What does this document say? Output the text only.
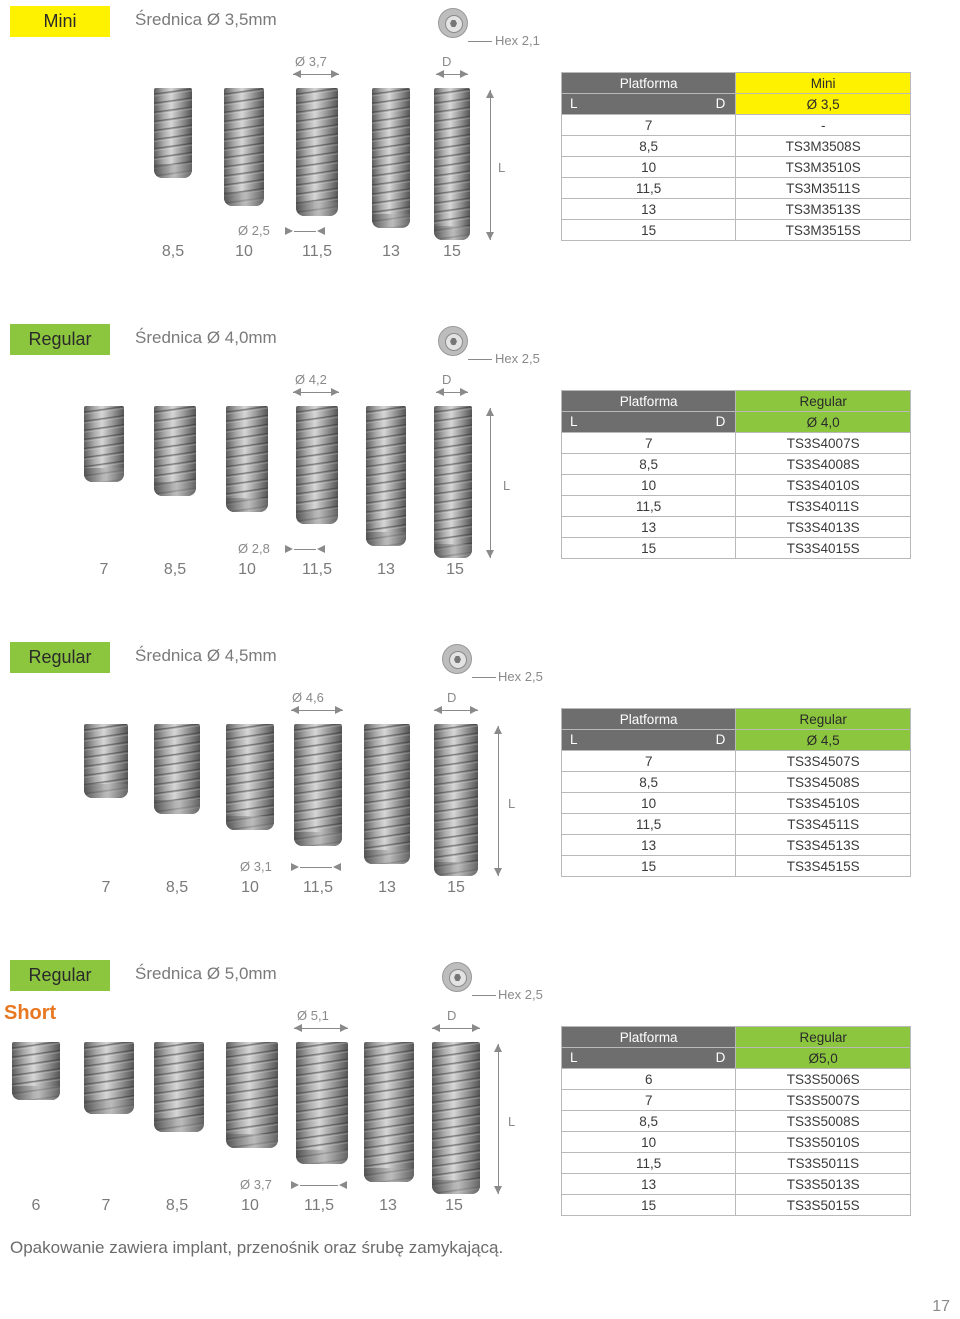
Mini	Średnica Ø 3,5mm
Hex 2,1
Ø 3,7	D
L
Ø 2,5
8,5	10	11,5	13	15
Platforma	Mini

L D	Ø 3,5
7	-
8,5	TS3M3508S
10	TS3M3510S
11,5	TS3M3511S
13	TS3M3513S
15	TS3M3515S
Regular	Średnica Ø 4,0mm
Hex 2,5
Ø 4,2	D
L
Ø 2,8
7	8,5	10	11,5	13	15
Platforma	Regular

L D	Ø 4,0
7	TS3S4007S
8,5	TS3S4008S
10	TS3S4010S
11,5	TS3S4011S
13	TS3S4013S
15	TS3S4015S
Regular	Średnica Ø 4,5mm
Hex 2,5
Ø 4,6	D
L
Ø 3,1
7	8,5	10	11,5	13	15
Platforma	Regular

L D	Ø 4,5
7	TS3S4507S
8,5	TS3S4508S
10	TS3S4510S
11,5	TS3S4511S
13	TS3S4513S
15	TS3S4515S
Regular
Short
Średnica Ø 5,0mm
Hex 2,5
Ø 5,1	D
L
Ø 3,7
6	7	8,5	10	11,5	13	15
Platforma	Regular

L D	Ø5,0
6	TS3S5006S
7	TS3S5007S
8,5	TS3S5008S
10	TS3S5010S
11,5	TS3S5011S
13	TS3S5013S
15	TS3S5015S
Opakowanie zawiera implant, przenośnik oraz śrubę zamykającą.
17
